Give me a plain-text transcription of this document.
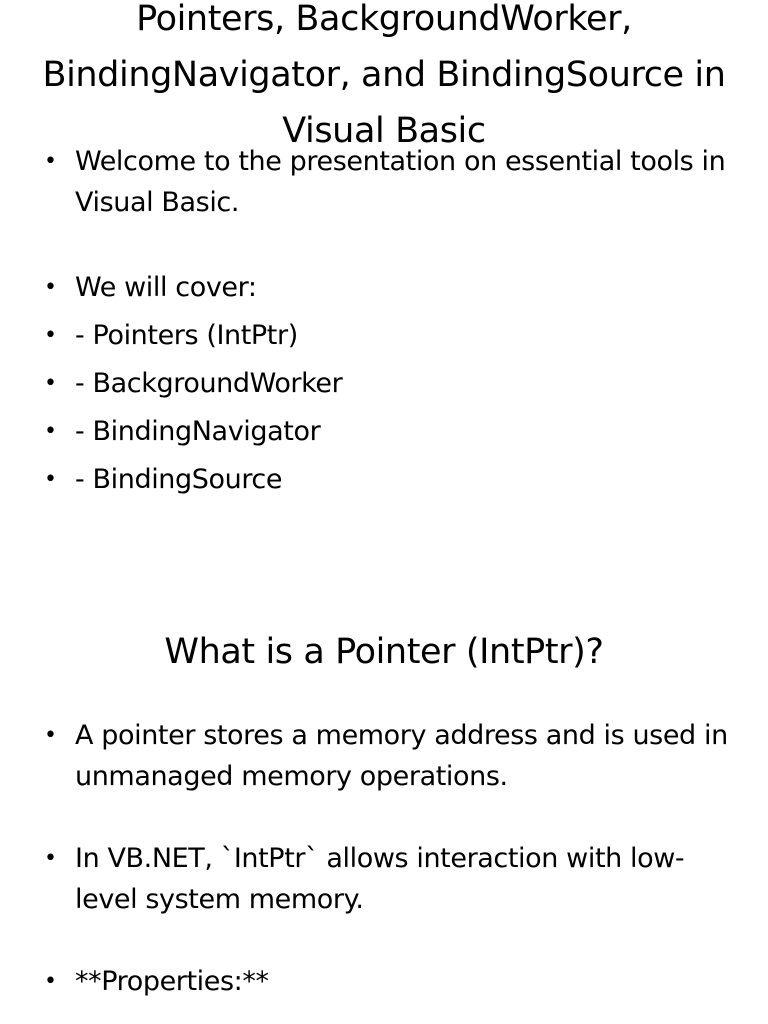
Pointers, BackgroundWorker, BindingNavigator, and BindingSource in Visual Basic
• Welcome to the presentation on essential tools in Visual Basic.
• We will cover:
• - Pointers (IntPtr)
• - BackgroundWorker
• - BindingNavigator
• - BindingSource
What is a Pointer (IntPtr)?
• A pointer stores a memory address and is used in unmanaged memory operations.
• In VB.NET, `IntPtr` allows interaction with low-level system memory.
• **Properties:**
